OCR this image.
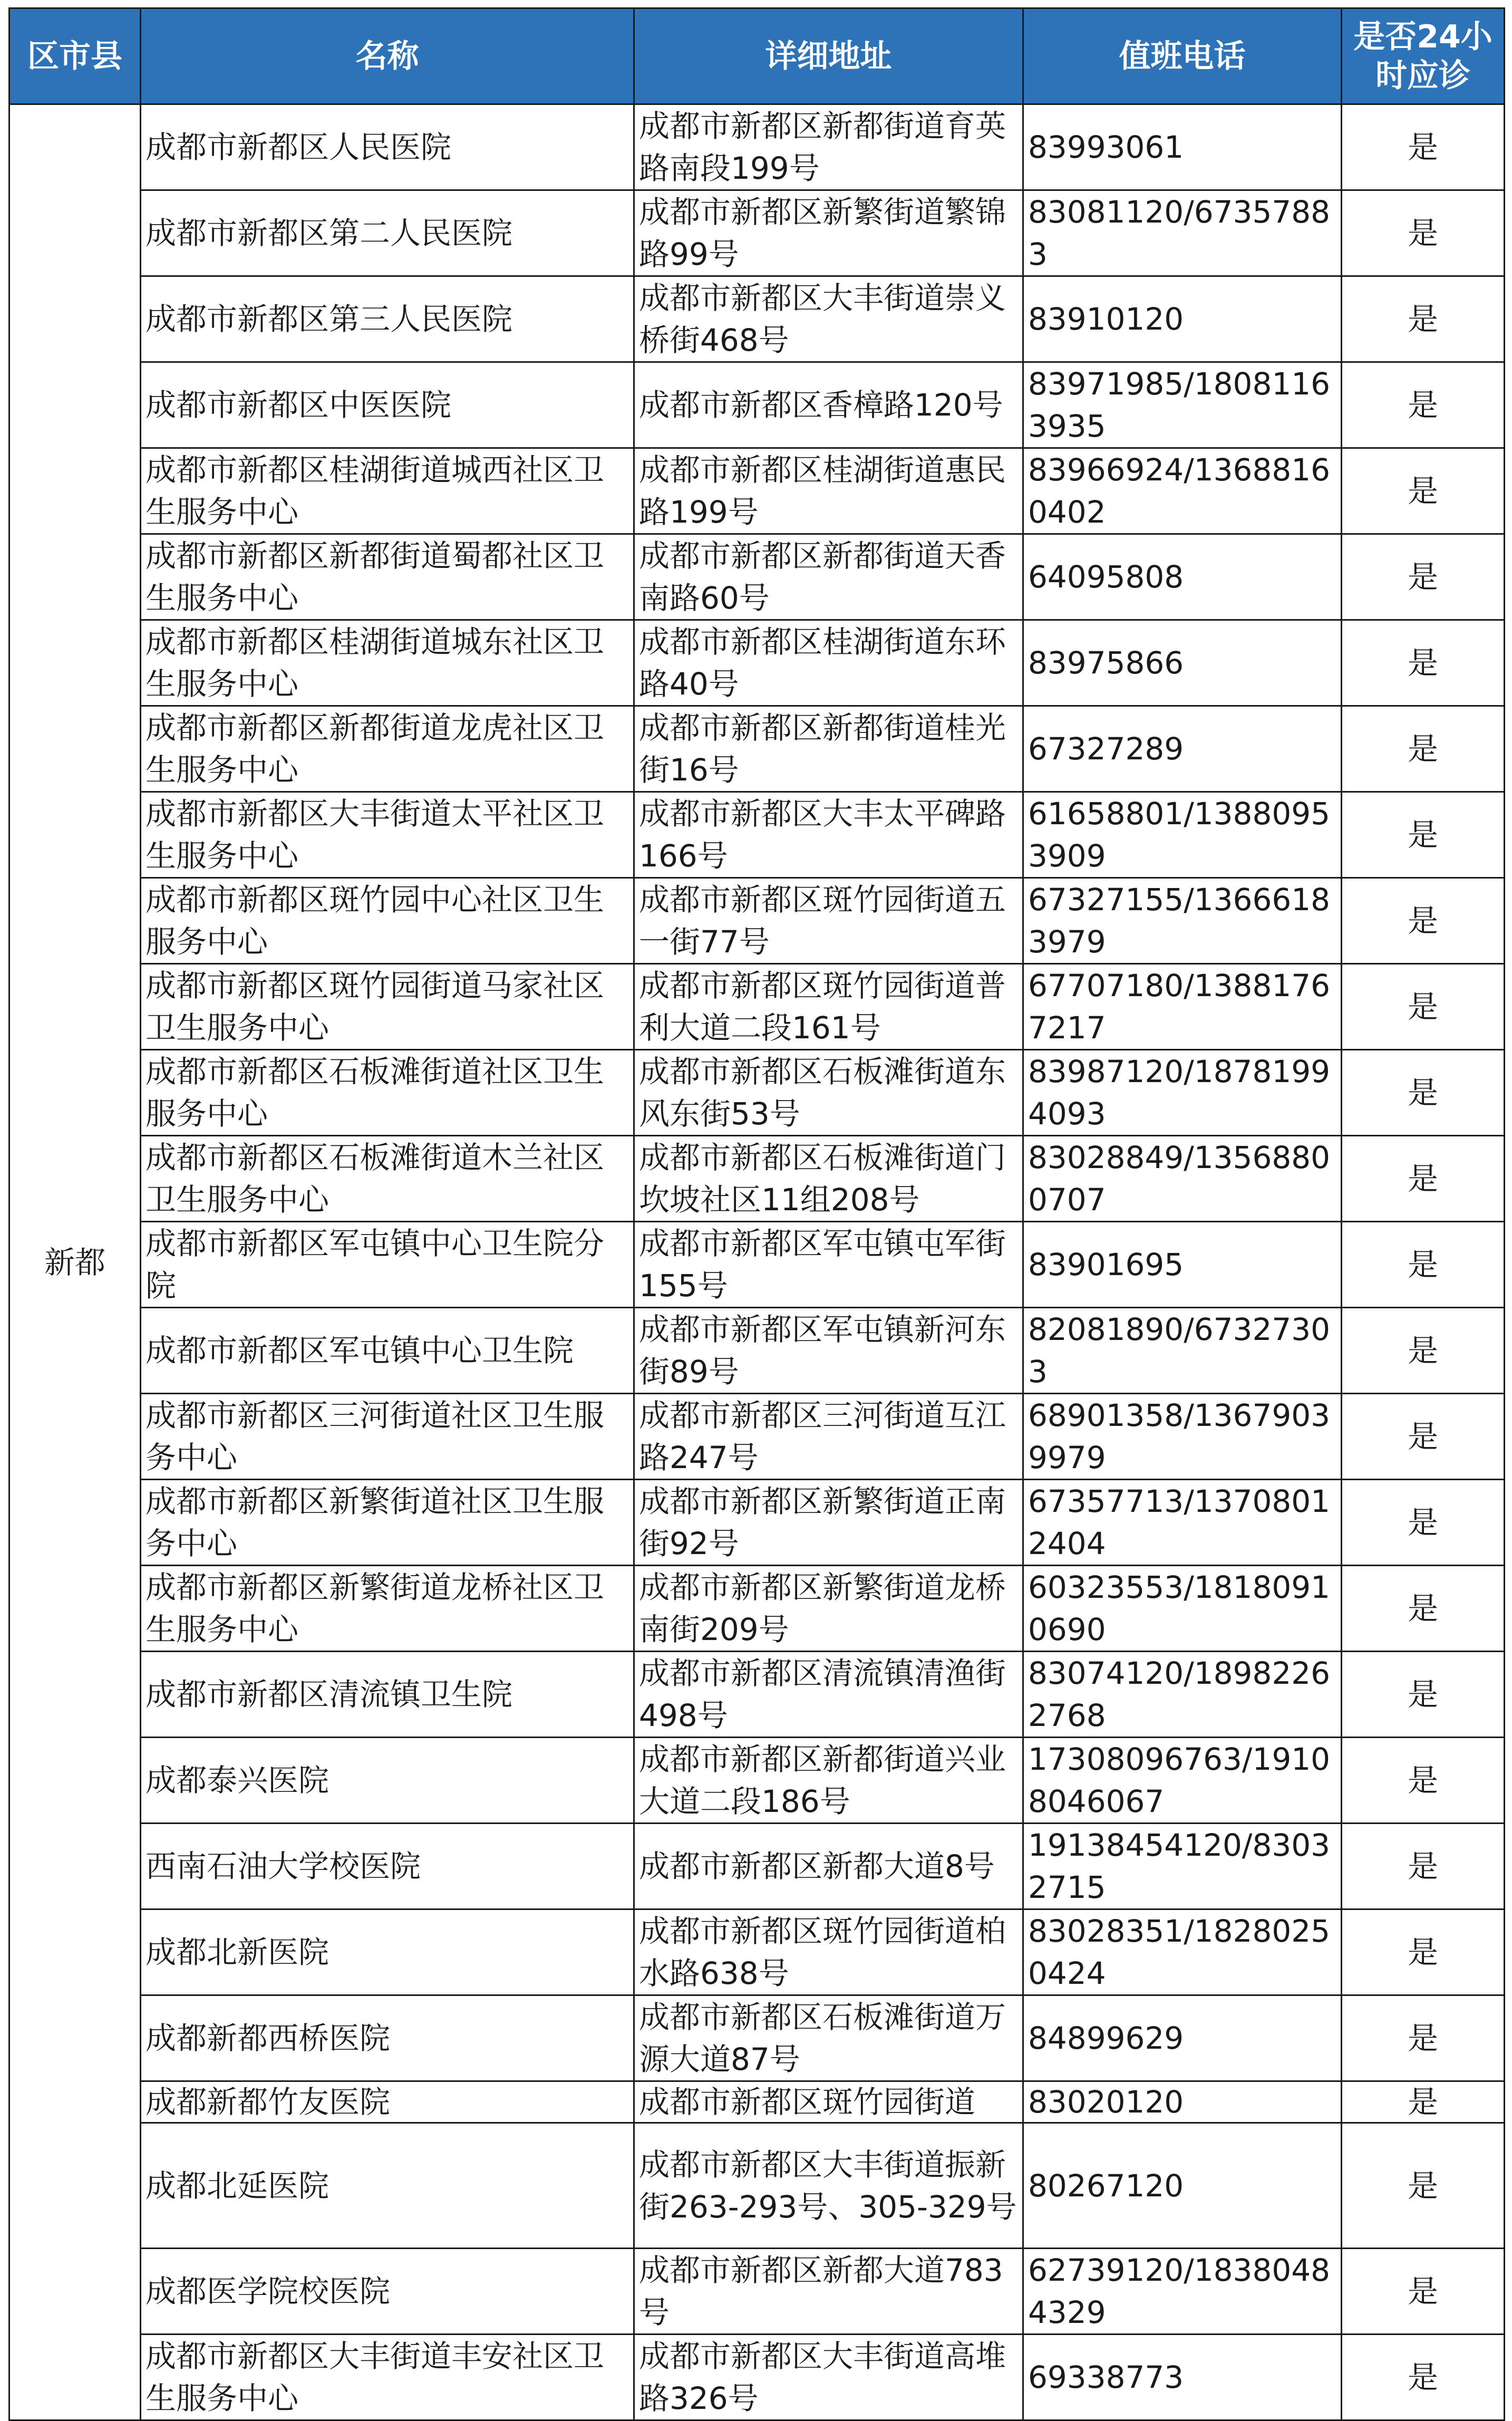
区市县	名称	详细地址	值班电话	是否24小时应诊
新都	成都市新都区人民医院	成都市新都区新都街道育英路南段199号	83993061	是
	成都市新都区第二人民医院	成都市新都区新繁街道繁锦路99号	83081120/67357883	是
	成都市新都区第三人民医院	成都市新都区大丰街道崇义桥街468号	83910120	是
	成都市新都区中医医院	成都市新都区香樟路120号	83971985/18081163935	是
	成都市新都区桂湖街道城西社区卫生服务中心	成都市新都区桂湖街道惠民路199号	83966924/13688160402	是
	成都市新都区新都街道蜀都社区卫生服务中心	成都市新都区新都街道天香南路60号	64095808	是
	成都市新都区桂湖街道城东社区卫生服务中心	成都市新都区桂湖街道东环路40号	83975866	是
	成都市新都区新都街道龙虎社区卫生服务中心	成都市新都区新都街道桂光街16号	67327289	是
	成都市新都区大丰街道太平社区卫生服务中心	成都市新都区大丰太平碑路166号	61658801/13880953909	是
	成都市新都区斑竹园中心社区卫生服务中心	成都市新都区斑竹园街道五一街77号	67327155/13666183979	是
	成都市新都区斑竹园街道马家社区卫生服务中心	成都市新都区斑竹园街道普利大道二段161号	67707180/13881767217	是
	成都市新都区石板滩街道社区卫生服务中心	成都市新都区石板滩街道东风东街53号	83987120/18781994093	是
	成都市新都区石板滩街道木兰社区卫生服务中心	成都市新都区石板滩街道门坎坡社区11组208号	83028849/13568800707	是
	成都市新都区军屯镇中心卫生院分院	成都市新都区军屯镇屯军街155号	83901695	是
	成都市新都区军屯镇中心卫生院	成都市新都区军屯镇新河东街89号	82081890/67327303	是
	成都市新都区三河街道社区卫生服务中心	成都市新都区三河街道互江路247号	68901358/13679039979	是
	成都市新都区新繁街道社区卫生服务中心	成都市新都区新繁街道正南街92号	67357713/13708012404	是
	成都市新都区新繁街道龙桥社区卫生服务中心	成都市新都区新繁街道龙桥南街209号	60323553/18180910690	是
	成都市新都区清流镇卫生院	成都市新都区清流镇清渔街498号	83074120/18982262768	是
	成都泰兴医院	成都市新都区新都街道兴业大道二段186号	17308096763/19108046067	是
	西南石油大学校医院	成都市新都区新都大道8号	19138454120/83032715	是
	成都北新医院	成都市新都区斑竹园街道柏水路638号	83028351/18280250424	是
	成都新都西桥医院	成都市新都区石板滩街道万源大道87号	84899629	是
	成都新都竹友医院	成都市新都区斑竹园街道	83020120	是
	成都北延医院	成都市新都区大丰街道振新街263-293号、305-329号	80267120	是
	成都医学院校医院	成都市新都区新都大道783号	62739120/18380484329	是
	成都市新都区大丰街道丰安社区卫生服务中心	成都市新都区大丰街道高堆路326号	69338773	是
